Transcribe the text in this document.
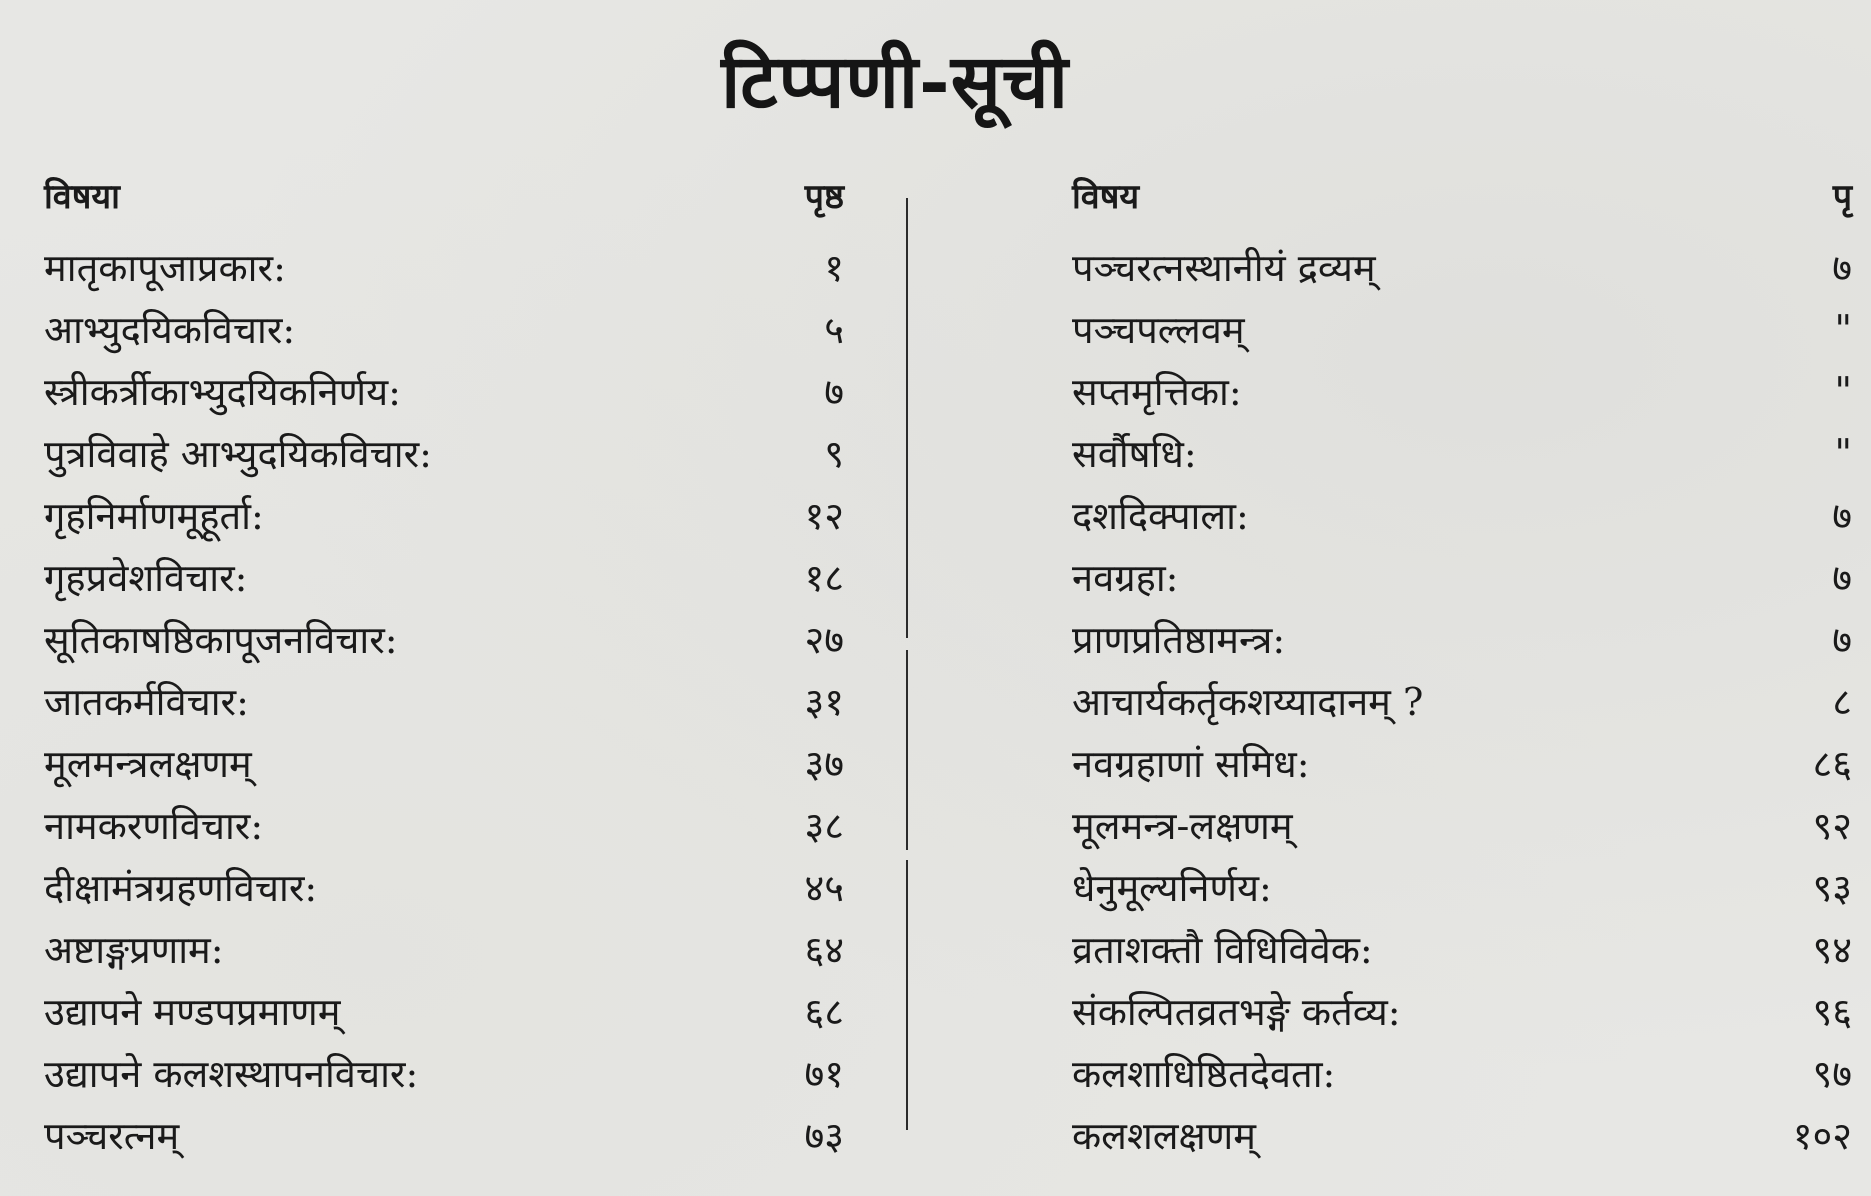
टिप्पणी-सूची
विषया	पृष्ठ
मातृकापूजाप्रकार:	१
आभ्युदयिकविचार:	५
स्त्रीकर्त्रीकाभ्युदयिकनिर्णय:	७
पुत्रविवाहे आभ्युदयिकविचार:	९
गृहनिर्माणमूहूर्ता:	१२
गृहप्रवेशविचार:	१८
सूतिकाषष्ठिकापूजनविचार:	२७
जातकर्मविचार:	३१
मूलमन्त्रलक्षणम्	३७
नामकरणविचार:	३८
दीक्षामंत्रग्रहणविचार:	४५
अष्टाङ्गप्रणाम:	६४
उद्यापने मण्डपप्रमाणम्	६८
उद्यापने कलशस्थापनविचार:	७१
पञ्चरत्नम्	७३
विषय	पृ
पञ्चरत्नस्थानीयं द्रव्यम्	७
पञ्चपल्लवम्	"
सप्तमृत्तिका:	"
सर्वौषधि:	"
दशदिक्पाला:	७
नवग्रहा:	७
प्राणप्रतिष्ठामन्त्र:	७
आचार्यकर्तृकशय्यादानम् ?	८
नवग्रहाणां समिध:	८६
मूलमन्त्र-लक्षणम्	९२
धेनुमूल्यनिर्णय:	९३
व्रताशक्तौ विधिविवेक:	९४
संकल्पितव्रतभङ्गे कर्तव्य:	९६
कलशाधिष्ठितदेवता:	९७
कलशलक्षणम्	१०२
